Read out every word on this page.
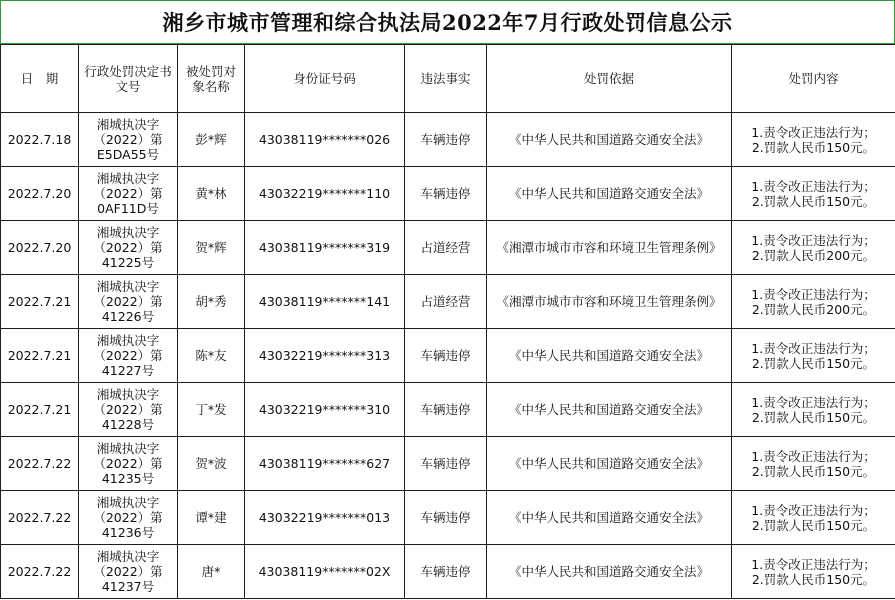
湘乡市城市管理和综合执法局2022年7月行政处罚信息公示
日　期	行政处罚决定书文号	被处罚对象名称	身份证号码	违法事实	处罚依据	处罚内容
2022.7.18	湘城执决字
（2022）第
E5DA55号	彭*辉	43038119*******026	车辆违停	《中华人民共和国道路交通安全法》	1.责令改正违法行为；
2.罚款人民币150元。

2022.7.20	湘城执决字
（2022）第
0AF11D号	黄*林	43032219*******110	车辆违停	《中华人民共和国道路交通安全法》	1.责令改正违法行为；
2.罚款人民币150元。

2022.7.20	湘城执决字
（2022）第
41225号	贺*辉	43038119*******319	占道经营	《湘潭市城市市容和环境卫生管理条例》	1.责令改正违法行为；
2.罚款人民币200元。

2022.7.21	湘城执决字
（2022）第
41226号	胡*秀	43038119*******141	占道经营	《湘潭市城市市容和环境卫生管理条例》	1.责令改正违法行为；
2.罚款人民币200元。

2022.7.21	湘城执决字
（2022）第
41227号	陈*友	43032219*******313	车辆违停	《中华人民共和国道路交通安全法》	1.责令改正违法行为；
2.罚款人民币150元。

2022.7.21	湘城执决字
（2022）第
41228号	丁*发	43032219*******310	车辆违停	《中华人民共和国道路交通安全法》	1.责令改正违法行为；
2.罚款人民币150元。

2022.7.22	湘城执决字
（2022）第
41235号	贺*波	43038119*******627	车辆违停	《中华人民共和国道路交通安全法》	1.责令改正违法行为；
2.罚款人民币150元。

2022.7.22	湘城执决字
（2022）第
41236号	谭*建	43032219*******013	车辆违停	《中华人民共和国道路交通安全法》	1.责令改正违法行为；
2.罚款人民币150元。

2022.7.22	湘城执决字
（2022）第
41237号	唐*	43038119*******02X	车辆违停	《中华人民共和国道路交通安全法》	1.责令改正违法行为；
2.罚款人民币150元。
